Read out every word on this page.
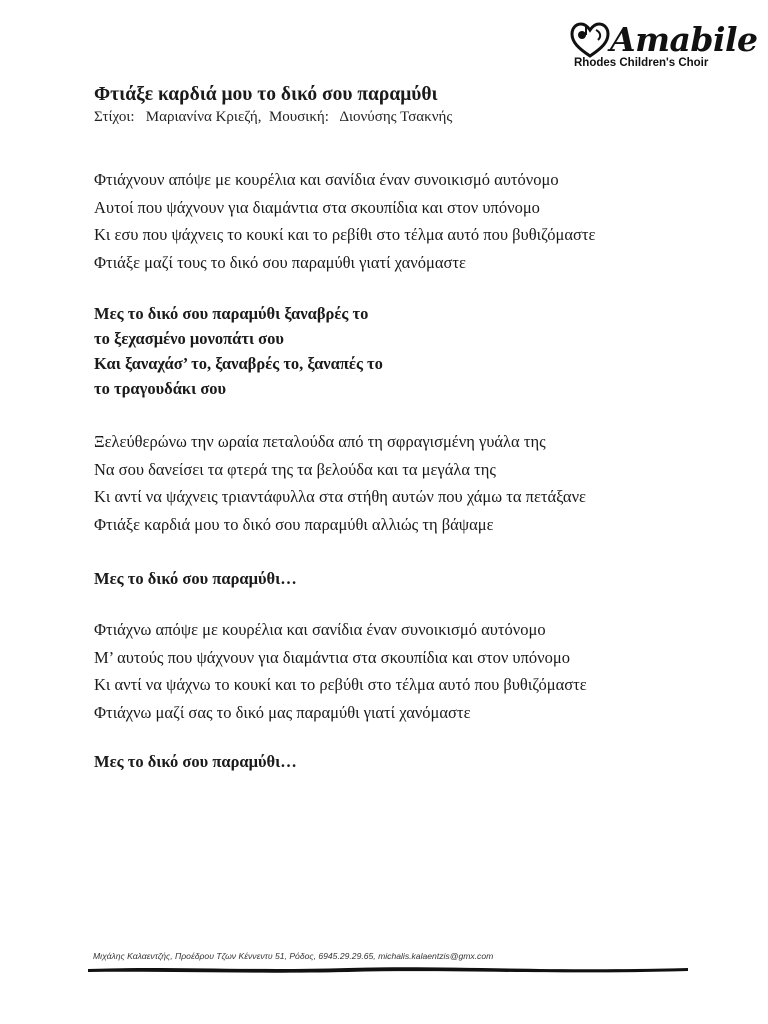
Amabile
Rhodes Children's Choir
Φτιάξε καρδιά μου το δικό σου παραμύθι
Στίχοι:   Μαριανίνα Κριεζή,  Μουσική:   Διονύσης Τσακνής
Φτιάχνουν απόψε με κουρέλια και σανίδια έναν συνοικισμό αυτόνομο
Αυτοί που ψάχνουν για διαμάντια στα σκουπίδια και στον υπόνομο
Κι εσυ που ψάχνεις το κουκί και το ρεβίθι στο τέλμα αυτό που βυθιζόμαστε
Φτιάξε μαζί τους το δικό σου παραμύθι γιατί χανόμαστε
Μες το δικό σου παραμύθι ξαναβρές το
το ξεχασμένο μονοπάτι σου
Και ξαναχάσ’ το, ξαναβρές το, ξαναπές το
το τραγουδάκι σου
Ξελεύθερώνω την ωραία πεταλούδα από τη σφραγισμένη γυάλα της
Να σου δανείσει τα φτερά της τα βελούδα και τα μεγάλα της
Κι αντί να ψάχνεις τριαντάφυλλα στα στήθη αυτών που χάμω τα πετάξανε
Φτιάξε καρδιά μου το δικό σου παραμύθι αλλιώς τη βάψαμε
Μες το δικό σου παραμύθι…
Φτιάχνω απόψε με κουρέλια και σανίδια έναν συνοικισμό αυτόνομο
Μ’ αυτούς που ψάχνουν για διαμάντια στα σκουπίδια και στον υπόνομο
Κι αντί να ψάχνω το κουκί και το ρεβύθι στο τέλμα αυτό που βυθιζόμαστε
Φτιάχνω μαζί σας το δικό μας παραμύθι γιατί χανόμαστε
Μες το δικό σου παραμύθι…
Μιχάλης Καλαεντζής, Προέδρου Τζων Κέννεντυ 51, Ρόδος, 6945.29.29.65, michalis.kalaentzis@gmx.com
